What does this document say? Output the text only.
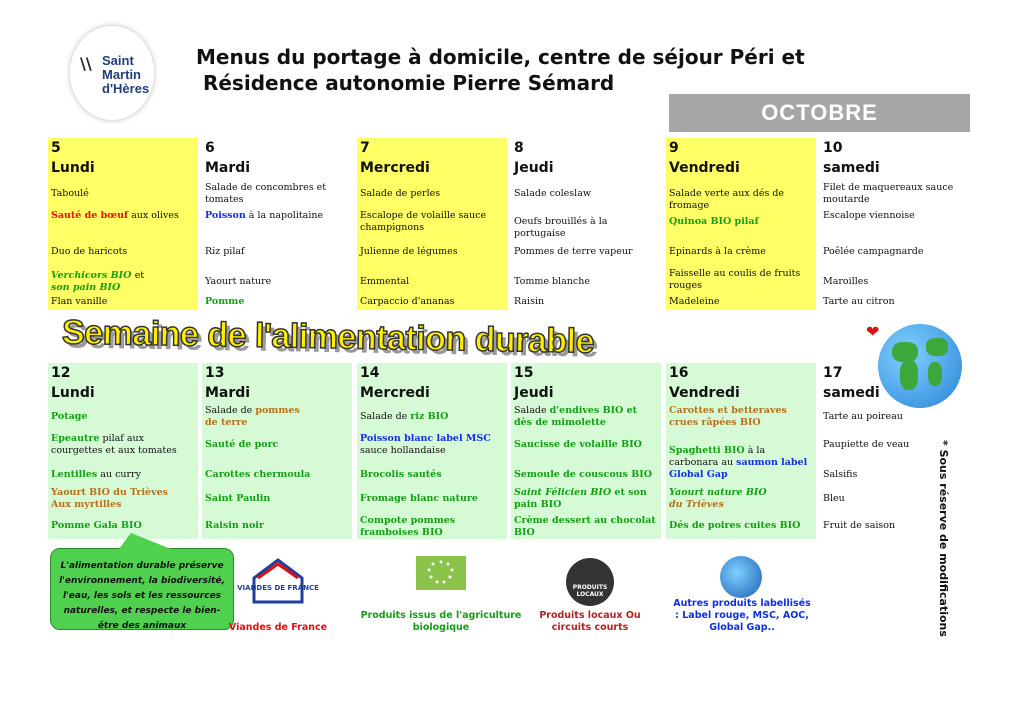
\\ Saint
Martin
d'Hères
Menus du portage à domicile, centre de séjour Péri et
Résidence autonomie Pierre Sémard
OCTOBRE
5
Lundi
Taboulé
Sauté de bœuf aux olives
Duo de haricots
Verchicors BIO et
son pain BIO
Flan vanille
6
Mardi
Salade de concombres et tomates
Poisson à la napolitaine
Riz pilaf
Yaourt nature
Pomme
7
Mercredi
Salade de perles
Escalope de volaille sauce champignons
Julienne de légumes
Emmental
Carpaccio d'ananas
8
Jeudi
Salade coleslaw
Oeufs brouillés à la portugaise
Pommes de terre vapeur
Tomme blanche
Raisin
9
Vendredi
Salade verte aux dés de fromage
Quinoa BIO pilaf
Epinards à la crème
Faisselle au coulis de fruits rouges
Madeleine
10
samedi
Filet de maquereaux sauce moutarde
Escalope viennoise
Poêlée campagnarde
Maroilles
Tarte au citron
Semaine de l'alimentation durable	❤
12
Lundi
Potage
Epeautre pilaf aux courgettes et aux tomates
Lentilles au curry
Yaourt BIO du Trièves
Aux myrtilles
Pomme Gala BIO
13
Mardi
Salade de pommes
de terre
Sauté de porc
Carottes chermoula
Saint Paulin
Raisin noir
14
Mercredi
Salade de riz BIO
Poisson blanc label MSC sauce hollandaise
Brocolis sautés
Fromage blanc nature
Compote pommes framboises BIO
15
Jeudi
Salade d'endives BIO et
dès de mimolette
Saucisse de volaille BIO
Semoule de couscous BIO
Saint Félicien BIO et son pain BIO
Crème dessert au chocolat BIO
16
Vendredi
Carottes et betteraves crues râpées BIO
Spaghetti BIO à la carbonara au saumon label Global Gap
Yaourt nature BIO
du Trièves
Dés de poires cuites BIO
17
samedi
Tarte au poireau
Paupiette de veau
Salsifis
Bleu
Fruit de saison	* Sous réserve de modifications

L'alimentation durable préserve l'environnement, la biodiversité, l'eau, les sols et les ressources naturelles, et respecte le bien-être des animaux

VIANDES DE FRANCE
Viandes de France
Produits issus de l'agriculture biologique
PRODUITS LOCAUX
Produits locaux Ou circuits courts
Autres produits labellisés : Label rouge, MSC, AOC, Global Gap..
